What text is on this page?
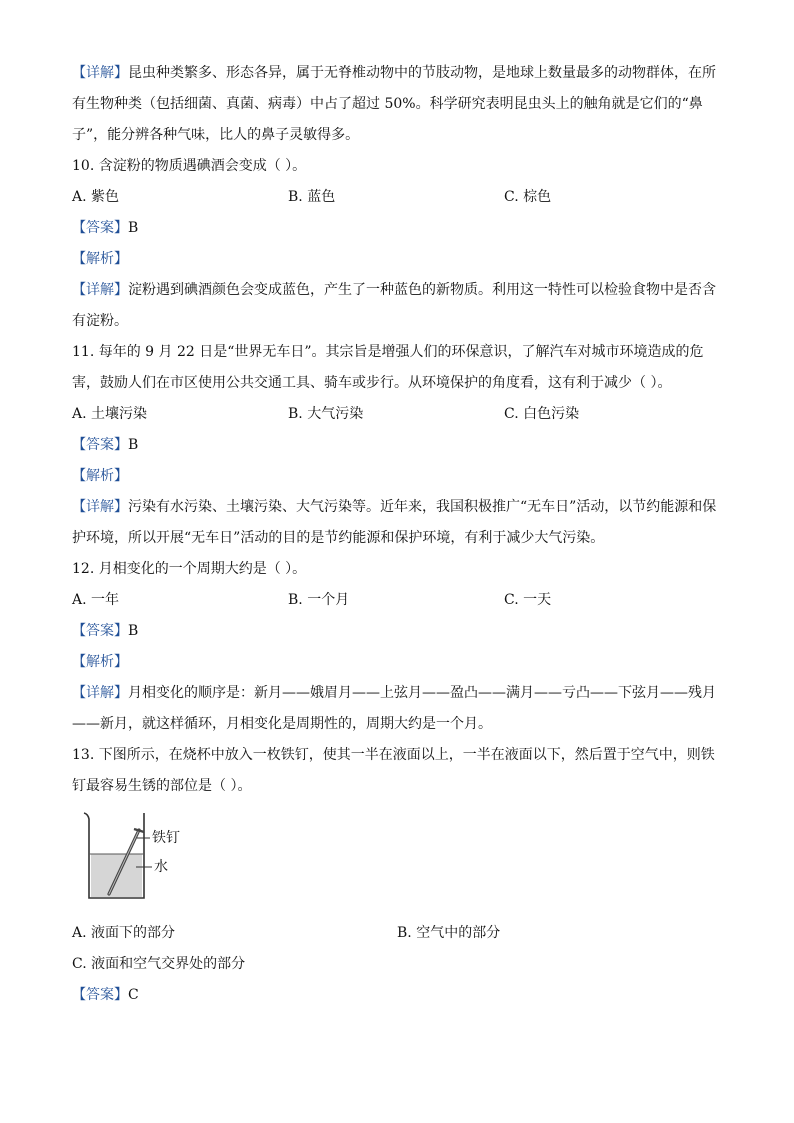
【详解】昆虫种类繁多、形态各异，属于无脊椎动物中的节肢动物，是地球上数量最多的动物群体，在所有生物种类（包括细菌、真菌、病毒）中占了超过 50%。科学研究表明昆虫头上的触角就是它们的“鼻子”，能分辨各种气味，比人的鼻子灵敏得多。

10. 含淀粉的物质遇碘酒会变成（ ）。

A. 紫色	B. 蓝色	C. 棕色

【答案】B

【解析】

【详解】淀粉遇到碘酒颜色会变成蓝色，产生了一种蓝色的新物质。利用这一特性可以检验食物中是否含有淀粉。

11. 每年的 9 月 22 日是“世界无车日”。其宗旨是增强人们的环保意识，了解汽车对城市环境造成的危害，鼓励人们在市区使用公共交通工具、骑车或步行。从环境保护的角度看，这有利于减少（ ）。

A. 土壤污染	B. 大气污染	C. 白色污染

【答案】B

【解析】

【详解】污染有水污染、土壤污染、大气污染等。近年来，我国积极推广“无车日”活动，以节约能源和保护环境，所以开展“无车日”活动的目的是节约能源和保护环境，有利于减少大气污染。

12. 月相变化的一个周期大约是（ ）。

A. 一年	B. 一个月	C. 一天

【答案】B

【解析】

【详解】月相变化的顺序是：新月——娥眉月——上弦月——盈凸——满月——亏凸——下弦月——残月——新月，就这样循环，月相变化是周期性的，周期大约是一个月。

13. 下图所示，在烧杯中放入一枚铁钉，使其一半在液面以上，一半在液面以下，然后置于空气中，则铁钉最容易生锈的部位是（ ）。

铁钉
水
A. 液面下的部分	B. 空气中的部分

C. 液面和空气交界处的部分

【答案】C
